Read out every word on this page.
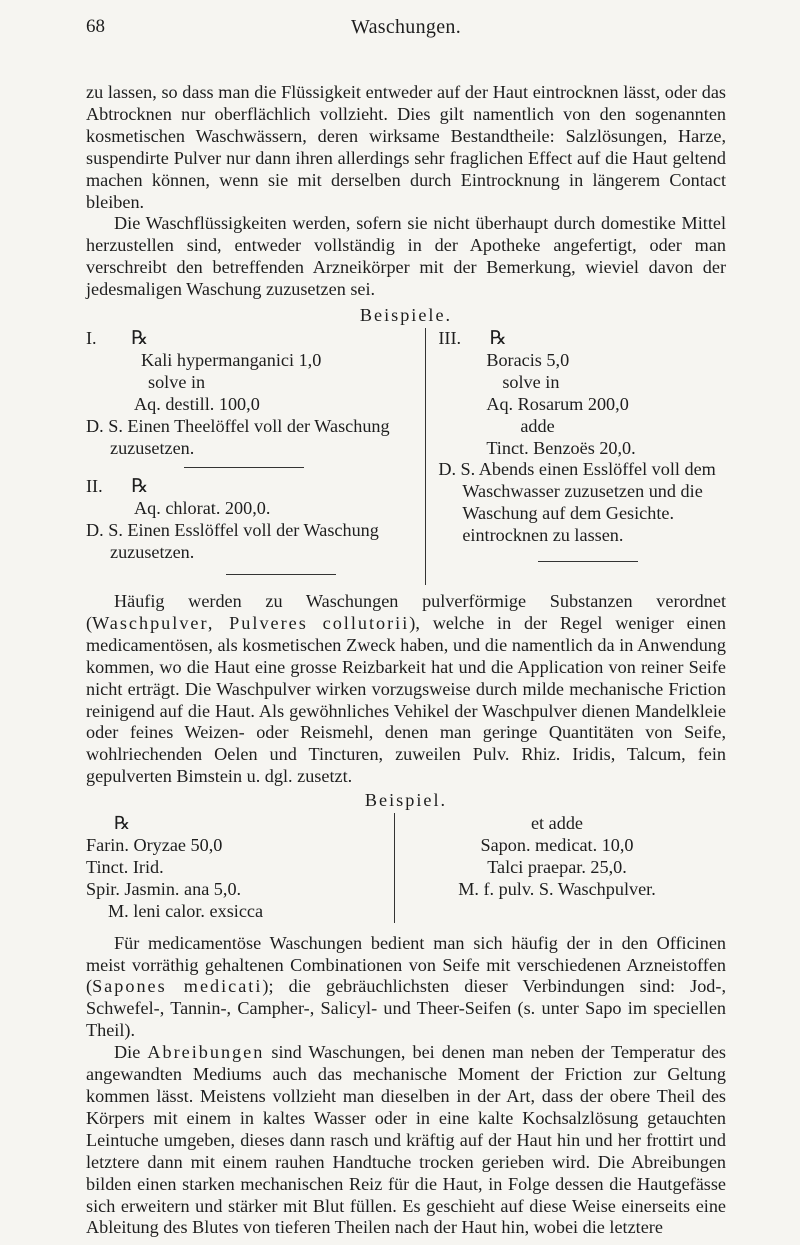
68	Waschungen.

zu lassen, so dass man die Flüssigkeit entweder auf der Haut eintrocknen lässt, oder das Abtrocknen nur oberflächlich vollzieht. Dies gilt namentlich von den sogenannten kosmetischen Waschwässern, deren wirksame Bestandtheile: Salzlösungen, Harze, suspendirte Pulver nur dann ihren allerdings sehr fraglichen Effect auf die Haut geltend machen können, wenn sie mit derselben durch Eintrocknung in längerem Contact bleiben.

Die Waschflüssigkeiten werden, sofern sie nicht überhaupt durch domestike Mittel herzustellen sind, entweder vollständig in der Apotheke angefertigt, oder man verschreibt den betreffenden Arzneikörper mit der Bemerkung, wieviel davon der jedesmaligen Waschung zuzusetzen sei.

Beispiele.
I. ℞
Kali hypermanganici 1,0
solve in
Aq. destill. 100,0
D. S. Einen Theelöffel voll der Waschung zuzusetzen.
II. ℞
Aq. chlorat. 200,0.
D. S. Einen Esslöffel voll der Waschung zuzusetzen.
III. ℞
Boracis 5,0
solve in
Aq. Rosarum 200,0
adde
Tinct. Benzoës 20,0.
D. S. Abends einen Esslöffel voll dem Waschwasser zuzusetzen und die Waschung auf dem Gesichte. eintrocknen zu lassen.

Häufig werden zu Waschungen pulverförmige Substanzen verordnet (Waschpulver, Pulveres collutorii), welche in der Regel weniger einen medicamentösen, als kosmetischen Zweck haben, und die namentlich da in Anwendung kommen, wo die Haut eine grosse Reizbarkeit hat und die Application von reiner Seife nicht erträgt. Die Waschpulver wirken vorzugsweise durch milde mechanische Friction reinigend auf die Haut. Als gewöhnliches Vehikel der Waschpulver dienen Mandelkleie oder feines Weizen- oder Reismehl, denen man geringe Quantitäten von Seife, wohlriechenden Oelen und Tincturen, zuweilen Pulv. Rhiz. Iridis, Talcum, fein gepulverten Bimstein u. dgl. zusetzt.

Beispiel.
℞
Farin. Oryzae 50,0
Tinct. Irid.
Spir. Jasmin. ana 5,0.
M. leni calor. exsicca
et adde
Sapon. medicat. 10,0
Talci praepar. 25,0.
M. f. pulv. S. Waschpulver.

Für medicamentöse Waschungen bedient man sich häufig der in den Officinen meist vorräthig gehaltenen Combinationen von Seife mit verschiedenen Arzneistoffen (Sapones medicati); die gebräuchlichsten dieser Verbindungen sind: Jod-, Schwefel-, Tannin-, Campher-, Salicyl- und Theer-Seifen (s. unter Sapo im speciellen Theil).

Die Abreibungen sind Waschungen, bei denen man neben der Temperatur des angewandten Mediums auch das mechanische Moment der Friction zur Geltung kommen lässt. Meistens vollzieht man dieselben in der Art, dass der obere Theil des Körpers mit einem in kaltes Wasser oder in eine kalte Kochsalzlösung getauchten Leintuche umgeben, dieses dann rasch und kräftig auf der Haut hin und her frottirt und letztere dann mit einem rauhen Handtuche trocken gerieben wird. Die Abreibungen bilden einen starken mechanischen Reiz für die Haut, in Folge dessen die Hautgefässe sich erweitern und stärker mit Blut füllen. Es geschieht auf diese Weise einerseits eine Ableitung des Blutes von tieferen Theilen nach der Haut hin, wobei die letztere
